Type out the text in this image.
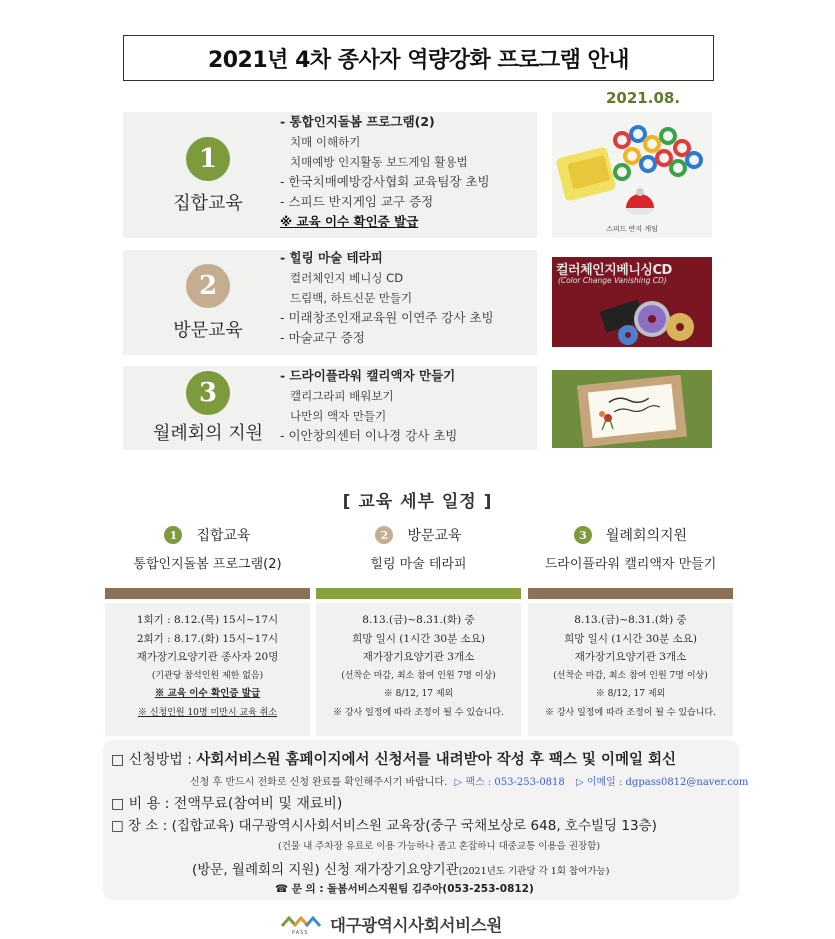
2021년 4차 종사자 역량강화 프로그램 안내
2021.08.
1
집합교육
- 통합인지돌봄 프로그램(2)
치매 이해하기
치매예방 인지활동 보드게임 활용법
- 한국치매예방강사협회 교육팀장 초빙
- 스피드 반지게임 교구 증정
※ 교육 이수 확인증 발급	스피드 반지 게임
2
방문교육
- 힐링 마술 테라피
컬러체인지 베니싱 CD
드림백, 하트신문 만들기
- 미래창조인재교육원 이연주 강사 초빙
- 마술교구 증정
컬러체인지베니싱CD
(Color Change Vanishing CD)
3
월례회의 지원
- 드라이플라워 캘리액자 만들기
캘리그라피 배워보기
나만의 액자 만들기
- 이안창의센터 이나경 강사 초빙
[ 교육 세부 일정 ]
1	집합교육
통합인지돌봄 프로그램(2)
1회기 : 8.12.(목) 15시~17시
2회기 : 8.17.(화) 15시~17시
재가장기요양기관 종사자 20명
(기관당 참석인원 제한 없음)
※ 교육 이수 확인증 발급
※ 신청인원 10명 미만시 교육 취소
2	방문교육
힐링 마술 테라피
8.13.(금)~8.31.(화) 중
희망 일시 (1시간 30분 소요)
재가장기요양기관 3개소
(선착순 마감, 최소 참여 인원 7명 이상)
※ 8/12, 17 제외
※ 강사 일정에 따라 조정이 될 수 있습니다.
3	월례회의지원
드라이플라워 캘리액자 만들기
8.13.(금)~8.31.(화) 중
희망 일시 (1시간 30분 소요)
재가장기요양기관 3개소
(선착순 마감, 최소 참여 인원 7명 이상)
※ 8/12, 17 제외
※ 강사 일정에 따라 조정이 될 수 있습니다.
□ 신청방법 : 사회서비스원 홈페이지에서 신청서를 내려받아 작성 후 팩스 및 이메일 회신
신청 후 반드시 전화로 신청 완료를 확인해주시기 바랍니다. ▷ 팩스 : 053-253-0818 ▷ 이메일 : dgpass0812@naver.com
□ 비 용 : 전액무료(참여비 및 재료비)
□ 장 소 : (집합교육) 대구광역시사회서비스원 교육장(중구 국채보상로 648, 호수빌딩 13층)
(건물 내 주차장 유료로 이용 가능하나 좁고 혼잡하니 대중교통 이용을 권장함)
(방문, 월례회의 지원) 신청 재가장기요양기관(2021년도 기관당 각 1회 참여가능)
☎ 문 의 : 돌봄서비스지원팀 김주아(053-253-0812)
PASS 대구광역시사회서비스원
